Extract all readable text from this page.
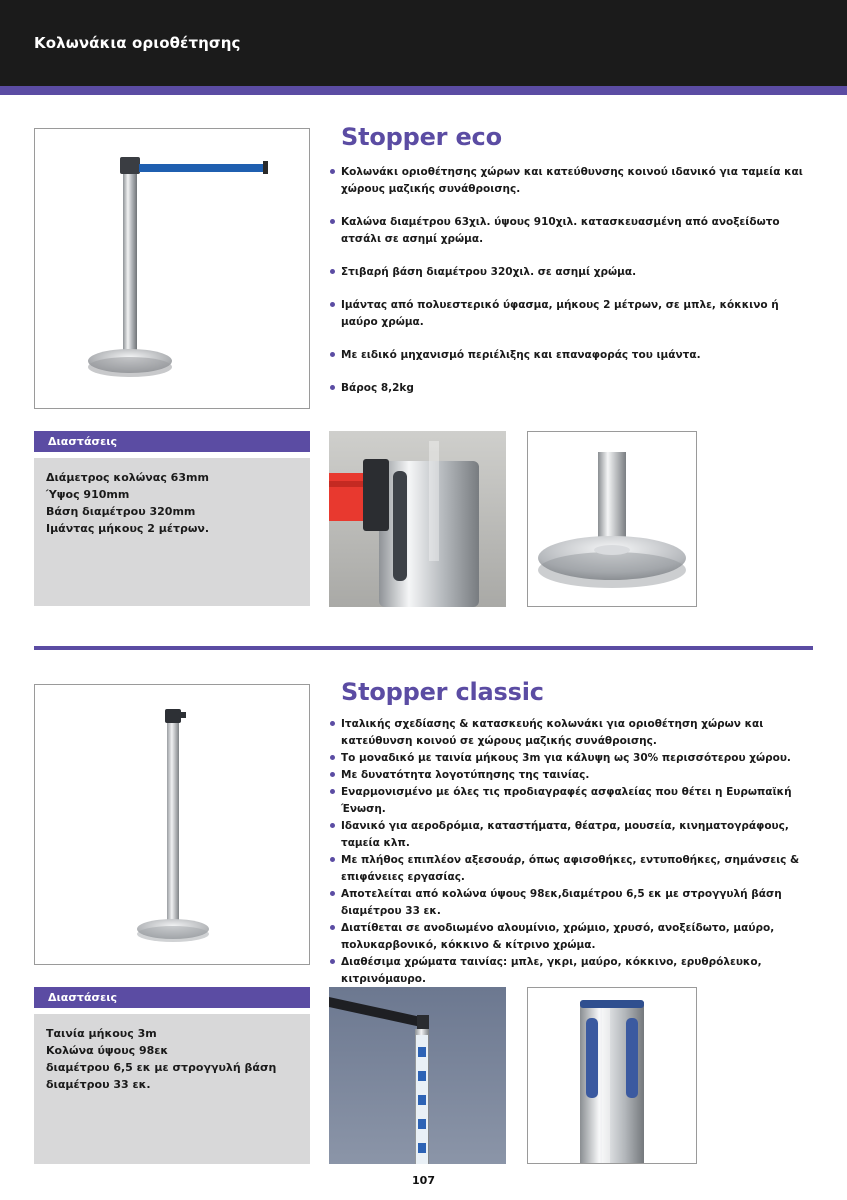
Κολωνάκια οριοθέτησης
Stopper eco
Κολωνάκι οριοθέτησης χώρων και κατεύθυνσης κοινού ιδανικό για ταμεία και χώρους μαζικής συνάθροισης.
Καλώνα διαμέτρου 63χιλ. ύψους 910χιλ. κατασκευασμένη από ανοξείδωτο ατσάλι σε ασημί χρώμα.
Στιβαρή βάση διαμέτρου 320χιλ. σε ασημί χρώμα.
Ιμάντας από πολυεστερικό ύφασμα, μήκους 2 μέτρων, σε μπλε, κόκκινο ή μαύρο χρώμα.
Με ειδικό μηχανισμό περιέλιξης και επαναφοράς του ιμάντα.
Βάρος 8,2kg
Διαστάσεις
Διάμετρος κολώνας 63mm
Ύψος 910mm
Βάση διαμέτρου 320mm
Ιμάντας μήκους 2 μέτρων.
Stopper classic
Ιταλικής σχεδίασης & κατασκευής κολωνάκι για οριοθέτηση χώρων και κατεύθυνση κοινού σε χώρους μαζικής συνάθροισης.
Το μοναδικό με ταινία μήκους 3m για κάλυψη ως 30% περισσότερου χώρου.
Με δυνατότητα λογοτύπησης της ταινίας.
Εναρμονισμένο με όλες τις προδιαγραφές ασφαλείας που θέτει η Ευρωπαϊκή Ένωση.
Ιδανικό για αεροδρόμια, καταστήματα, θέατρα, μουσεία, κινηματογράφους, ταμεία κλπ.
Με πλήθος επιπλέον αξεσουάρ, όπως αφισοθήκες, εντυποθήκες, σημάνσεις & επιφάνειες εργασίας.
Αποτελείται από κολώνα ύψους 98εκ,διαμέτρου 6,5 εκ με στρογγυλή βάση διαμέτρου 33 εκ.
Διατίθεται σε ανοδιωμένο αλουμίνιο, χρώμιο, χρυσό, ανοξείδωτο, μαύρο, πολυκαρβονικό, κόκκινο & κίτρινο χρώμα.
Διαθέσιμα χρώματα ταινίας: μπλε, γκρι, μαύρο, κόκκινο, ερυθρόλευκο, κιτρινόμαυρο.
Διαστάσεις
Ταινία μήκους 3m
Κολώνα ύψους 98εκ
διαμέτρου 6,5 εκ με στρογγυλή βάση
διαμέτρου 33 εκ.
107
